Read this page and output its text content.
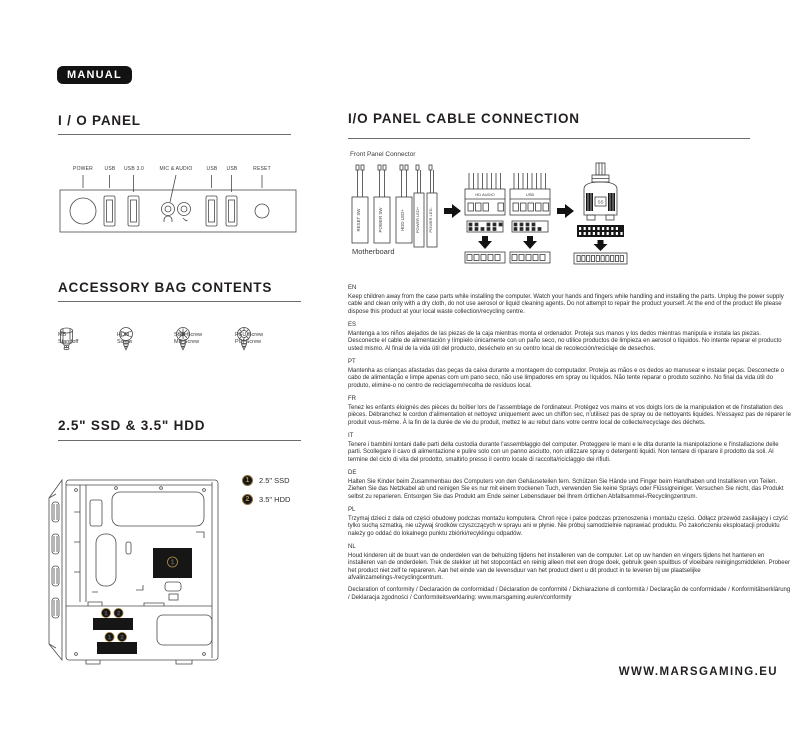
MANUAL
I / O PANEL
POWER USB USB 3.0	MIC & AUDIO	USB USB	RESET
ACCESSORY BAG CONTENTS
MB
Standoff
HDD
Screw
SSD Screw
MB Screw
PSU Screw
PCI Screw
2.5" SSD & 3.5" HDD
1	2.5" SSD
2	3.5" HDD
1
1 2
1 2
I/O PANEL CABLE CONNECTION
Front Panel Connector
RESET SW	POWER SW	HDD LED+	POWER LED+ POWER LED-
HD AUDIO	USB
SS
Motherboard
EN
Keep children away from the case parts while installing the computer. Watch your hands and fingers while handling and installing the parts. Unplug the power supply cable and clean only with a dry cloth, do not use aerosol or liquid cleaning agents. Do not attempt to repair the product yourself. At the end of the product life please dispose this product at your local waste collection/recycling centre.
ES
Mantenga a los niños alejados de las piezas de la caja mientras monta el ordenador. Proteja sus manos y los dedos mientras manipula e instala las piezas. Desconecte el cable de alimentación y límpielo únicamente con un paño seco, no utilice productos de limpieza en aerosol o líquidos. No intente reparar el producto usted mismo. Al final de la vida útil del producto, deséchelo en su centro local de recolección/reciclaje de desechos.
PT
Mantenha as crianças afastadas das peças da caixa durante a montagem do computador. Proteja as mãos e os dedos ao manusear e instalar peças. Desconecte o cabo de alimentação e limpe apenas com um pano seco, não use limpadores em spray ou líquidos. Não tente reparar o produto sozinho. No final da vida útil do produto, elimine-o no centro de reciclagem/recolha de resíduos local.
FR
Tenez les enfants éloignés des pièces du boîtier lors de l'assemblage de l'ordinateur. Protégez vos mains et vos doigts lors de la manipulation et de l'installation des pièces. Débranchez le cordon d'alimentation et nettoyez uniquement avec un chiffon sec, n'utilisez pas de spray ou de nettoyants liquides. N'essayez pas de réparer le produit vous-même. À la fin de la durée de vie du produit, mettez le au rebut dans votre centre local de collecte/recyclage des déchets.
IT
Tenere i bambini lontani dalle parti della custodia durante l'assemblaggio del computer. Proteggere le mani e le dita durante la manipolazione e l'installazione delle parti. Scollegare il cavo di alimentazione e pulire solo con un panno asciutto, non utilizzare spray o detergenti liquidi. Non tentare di riparare il prodotto da soli. Al termine del ciclo di vita del prodotto, smaltirlo presso il centro locale di raccolta/riciclaggio dei rifiuti.
DE
Halten Sie Kinder beim Zusammenbau des Computers von den Gehäuseteilen fern. Schützen Sie Hände und Finger beim Handhaben und Installieren von Teilen. Ziehen Sie das Netzkabel ab und reinigen Sie es nur mit einem trockenen Tuch, verwenden Sie keine Sprays oder Flüssigreiniger. Versuchen Sie nicht, das Produkt selbst zu reparieren. Entsorgen Sie das Produkt am Ende seiner Lebensdauer bei Ihrem örtlichen Abfallsammel-/Recyclingzentrum.
PL
Trzymaj dzieci z dala od części obudowy podczas montażu komputera. Chroń ręce i palce podczas przenoszenia i montażu części. Odłącz przewód zasilający i czyść tylko suchą szmatką, nie używaj środków czyszczących w sprayu ani w płynie. Nie próbuj samodzielnie naprawiać produktu. Po zakończeniu eksploatacji produktu należy go oddać do lokalnego punktu zbiórki/recyklingu odpadów.
NL
Houd kinderen uit de buurt van de onderdelen van de behuizing tijdens het installeren van de computer. Let op uw handen en vingers tijdens het hanteren en installeren van de onderdelen. Trek de stekker uit het stopcontact en reinig alleen met een droge doek, gebruik geen spuitbus of vloeibare reinigingsmiddelen. Probeer het product niet zelf te repareren. Aan het einde van de levensduur van het product dient u dit product in te leveren bij uw plaatselijke afvalinzamelings-/recyclingcentrum.
Declaration of conformity / Declaración de conformidad / Déclaration de conformité / Dichiarazione di conformità / Declaração de conformidade / Konformitätserklärung / Deklaracja zgodności / Conformiteitsverklaring: www.marsgaming.eu/en/conformity
WWW.MARSGAMING.EU
